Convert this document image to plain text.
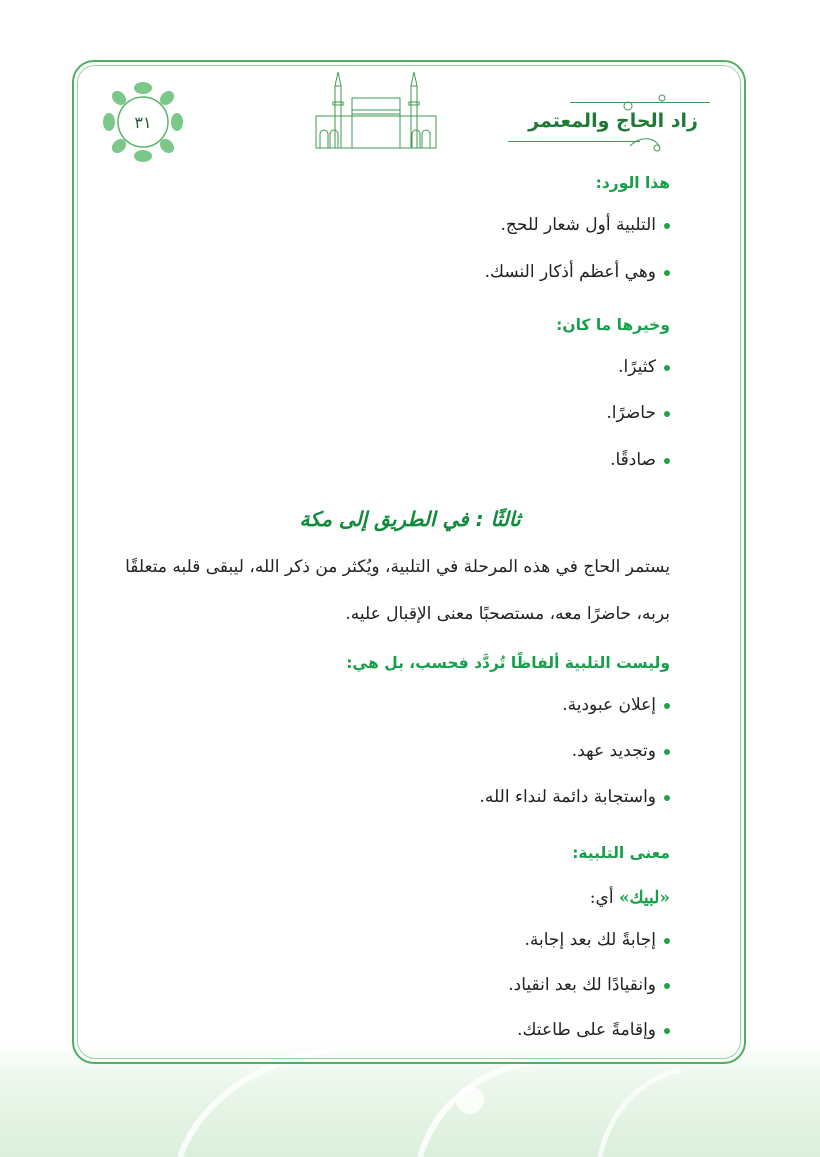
زاد الحاج والمعتمر
٣١
هذا الورد:
التلبية أول شعار للحج.
وهي أعظم أذكار النسك.
وخيرها ما كان:
كثيرًا.
حاضرًا.
صادقًا.
ثالثًا : في الطريق إلى مكة
يستمر الحاج في هذه المرحلة في التلبية، ويُكثر من ذكر الله، ليبقى قلبه متعلقًا
بربه، حاضرًا معه، مستصحبًا معنى الإقبال عليه.
وليست التلبية ألفاظًا تُردَّد فحسب، بل هي:
إعلان عبودية.
وتجديد عهد.
واستجابة دائمة لنداء الله.
معنى التلبية:
«لبيك» أي:
إجابةً لك بعد إجابة.
وانقيادًا لك بعد انقياد.
وإقامةً على طاعتك.
